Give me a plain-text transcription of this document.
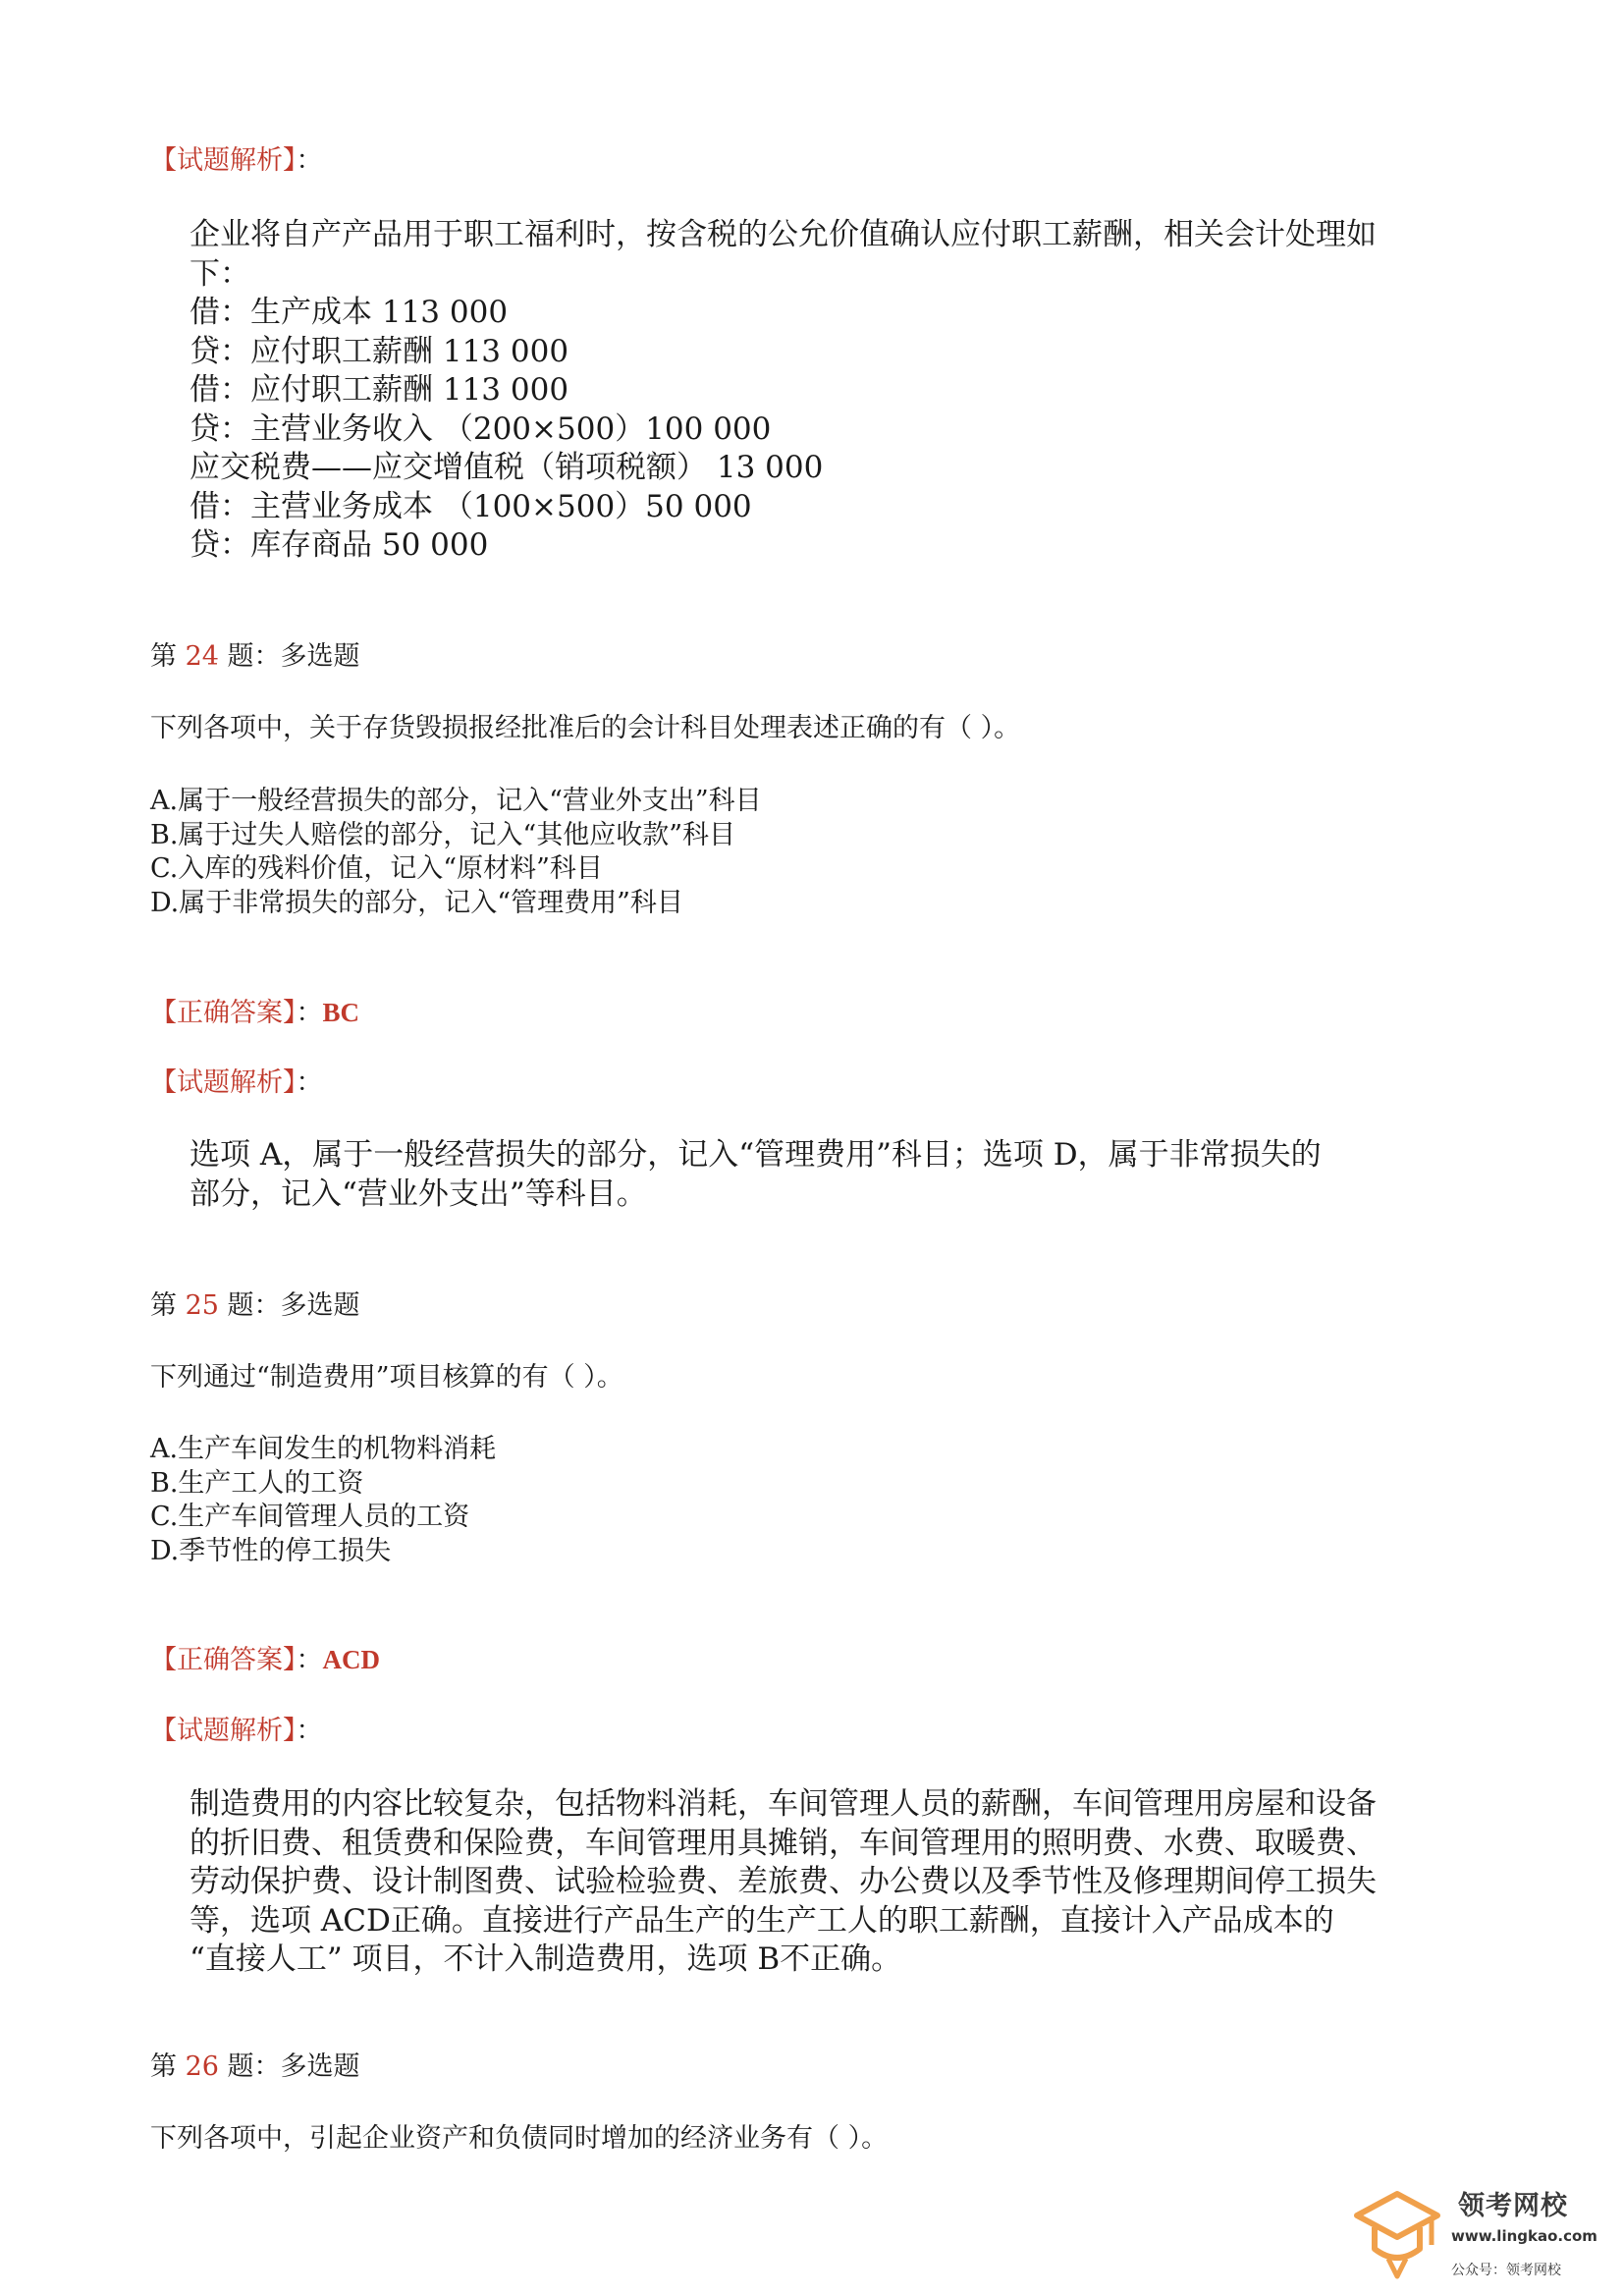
【试题解析】：

企业将自产产品用于职工福利时，按含税的公允价值确认应付职工薪酬，相关会计处理如

下：

借：生产成本 113 000

贷：应付职工薪酬 113 000

借：应付职工薪酬 113 000

贷：主营业务收入 （200×500）100 000

应交税费——应交增值税（销项税额） 13 000

借：主营业务成本 （100×500）50 000

贷：库存商品 50 000

第 24 题：多选题
下列各项中，关于存货毁损报经批准后的会计科目处理表述正确的有（ ）。
A.属于一般经营损失的部分，记入“营业外支出”科目
B.属于过失人赔偿的部分，记入“其他应收款”科目
C.入库的残料价值，记入“原材料”科目
D.属于非常损失的部分，记入“管理费用”科目
【正确答案】：BC
【试题解析】：

选项 A，属于一般经营损失的部分，记入“管理费用”科目；选项 D，属于非常损失的

部分，记入“营业外支出”等科目。

第 25 题：多选题
下列通过“制造费用”项目核算的有（ ）。
A.生产车间发生的机物料消耗
B.生产工人的工资
C.生产车间管理人员的工资
D.季节性的停工损失
【正确答案】：ACD
【试题解析】：

制造费用的内容比较复杂，包括物料消耗，车间管理人员的薪酬，车间管理用房屋和设备

的折旧费、租赁费和保险费，车间管理用具摊销，车间管理用的照明费、水费、取暖费、

劳动保护费、设计制图费、试验检验费、差旅费、办公费以及季节性及修理期间停工损失

等，选项 ACD正确。直接进行产品生产的生产工人的职工薪酬，直接计入产品成本的

“直接人工” 项目，不计入制造费用，选项 B不正确。

第 26 题：多选题
下列各项中，引起企业资产和负债同时增加的经济业务有（ ）。
领考网校
www.lingkao.com
公众号：领考网校
